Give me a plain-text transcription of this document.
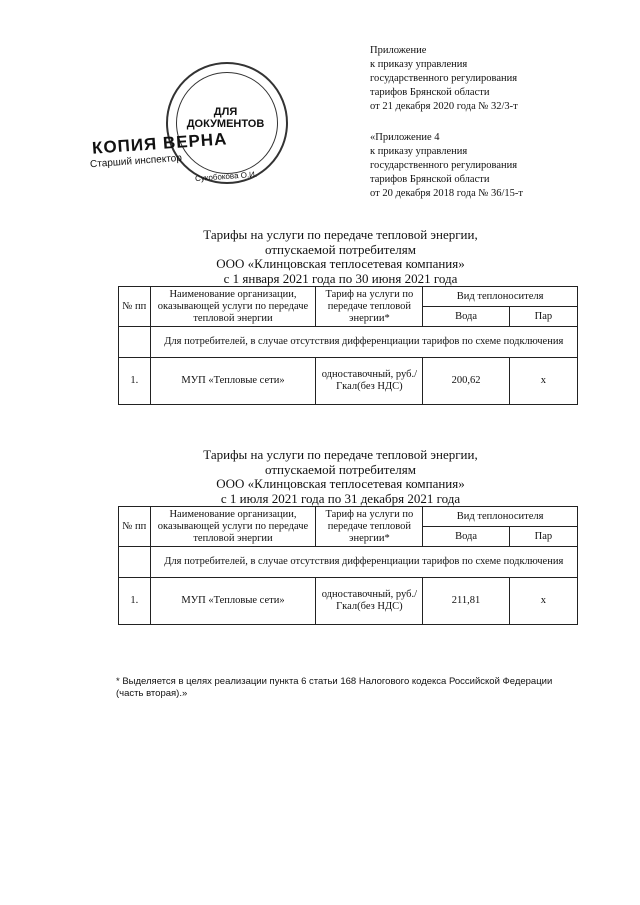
Приложение
к приказу управления
государственного регулирования
тарифов Брянской области
от 21 декабря 2020 года № 32/3-т
«Приложение 4
к приказу управления
государственного регулирования
тарифов Брянской области
от 20 декабря 2018 года № 36/15-т
ДЛЯ
ДОКУМЕНТОВ
КОПИЯ ВЕРНА
Старший инспектор
Сукобокова О.И.
Тарифы на услуги по передаче тепловой энергии,
отпускаемой потребителям
ООО «Клинцовская теплосетевая компания»
с 1 января 2021 года по 30 июня 2021 года
№ пп	Наименование организации, оказывающей услуги по передаче тепловой энергии	Тариф на услуги по передаче тепловой энергии*	Вид теплоносителя	
			Вода	Пар
	Для потребителей, в случае отсутствия дифференциации тарифов по схеме подключения			
1.	МУП «Тепловые сети»	одноставочный, руб./Гкал(без НДС)	200,62	х
Тарифы на услуги по передаче тепловой энергии,
отпускаемой потребителям
ООО «Клинцовская теплосетевая компания»
с 1 июля 2021 года по 31 декабря 2021 года
№ пп	Наименование организации, оказывающей услуги по передаче тепловой энергии	Тариф на услуги по передаче тепловой энергии*	Вид теплоносителя	
			Вода	Пар
	Для потребителей, в случае отсутствия дифференциации тарифов по схеме подключения			
1.	МУП «Тепловые сети»	одноставочный, руб./Гкал(без НДС)	211,81	х
* Выделяется в целях реализации пункта 6 статьи 168 Налогового кодекса Российской Федерации (часть вторая).»
